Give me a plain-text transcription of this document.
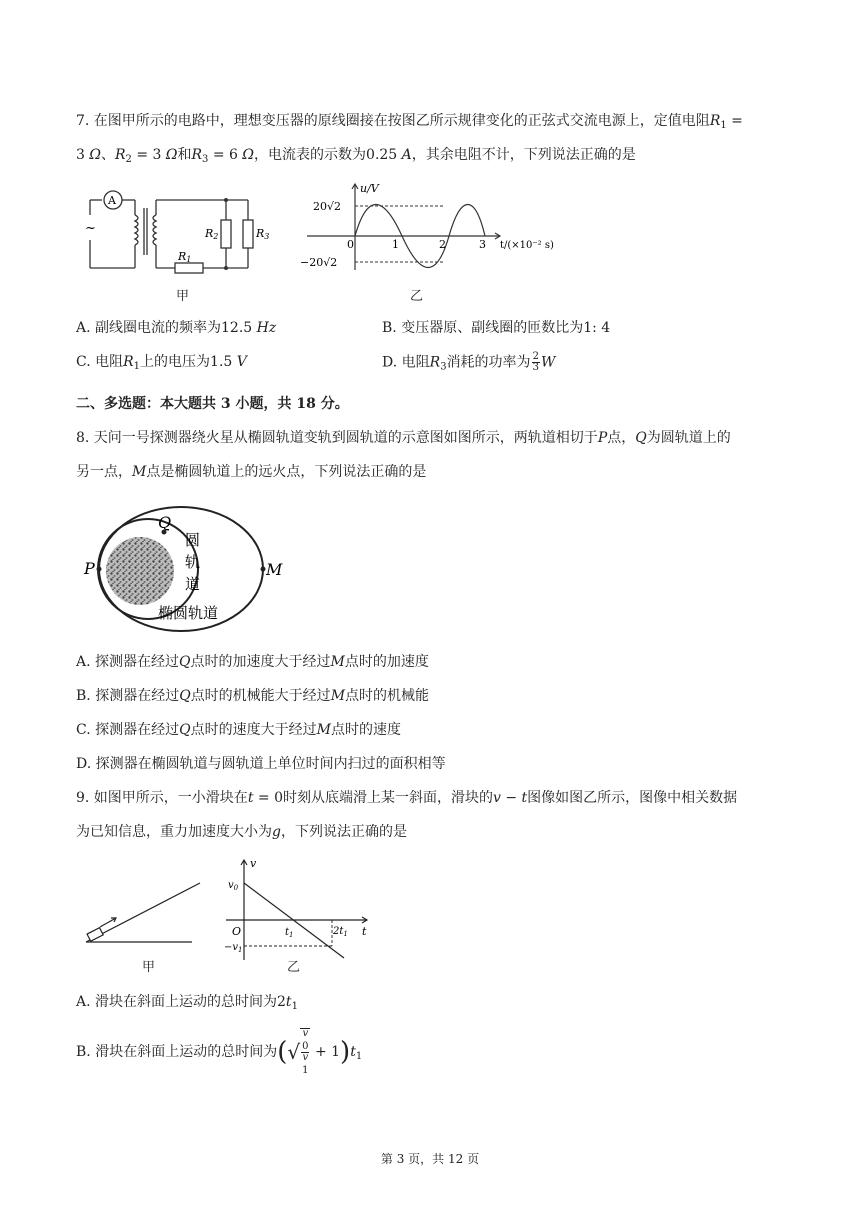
7. 在图甲所示的电路中，理想变压器的原线圈接在按图乙所示规律变化的正弦式交流电源上，定值电阻$R_1$ =
3 Ω、$R_2 = 3$ Ω和$R_3 = 6$ Ω，电流表的示数为0.25 A，其余电阻不计，下列说法正确的是
A
~
R1
R2	R3
甲
u/V
20√2
−20√2
0	1	2	3 t/(×10⁻² s)
乙
A. 副线圈电流的频率为12.5 Hz	B. 变压器原、副线圈的匝数比为1: 4
C. 电阻$R_1$上的电压为1.5 V	D. 电阻$R_3$消耗的功率为 $\frac{2}{3}$ W
二、多选题：本大题共 3 小题，共 18 分。
8. 天问一号探测器绕火星从椭圆轨道变轨到圆轨道的示意图如图所示，两轨道相切于P点，Q为圆轨道上的
另一点，M点是椭圆轨道上的远火点，下列说法正确的是
P
Q
M
圆
轨
道
椭圆轨道
A. 探测器在经过Q点时的加速度大于经过M点时的加速度
B. 探测器在经过Q点时的机械能大于经过M点时的机械能
C. 探测器在经过Q点时的速度大于经过M点时的速度
D. 探测器在椭圆轨道与圆轨道上单位时间内扫过的面积相等
9. 如图甲所示，一小滑块在t = 0时刻从底端滑上某一斜面，滑块的v − t图像如图乙所示，图像中相关数据
为已知信息，重力加速度大小为g，下列说法正确的是
甲
v
$v_0$
O	$t_1$	$2t_1$ t
$-v_1$
乙
A. 滑块在斜面上运动的总时间为$2t_1$
B. 滑块在斜面上运动的总时间为(√ v
$_0$
v
$_1 + 1)t_1$
第 3 页，共 12 页
